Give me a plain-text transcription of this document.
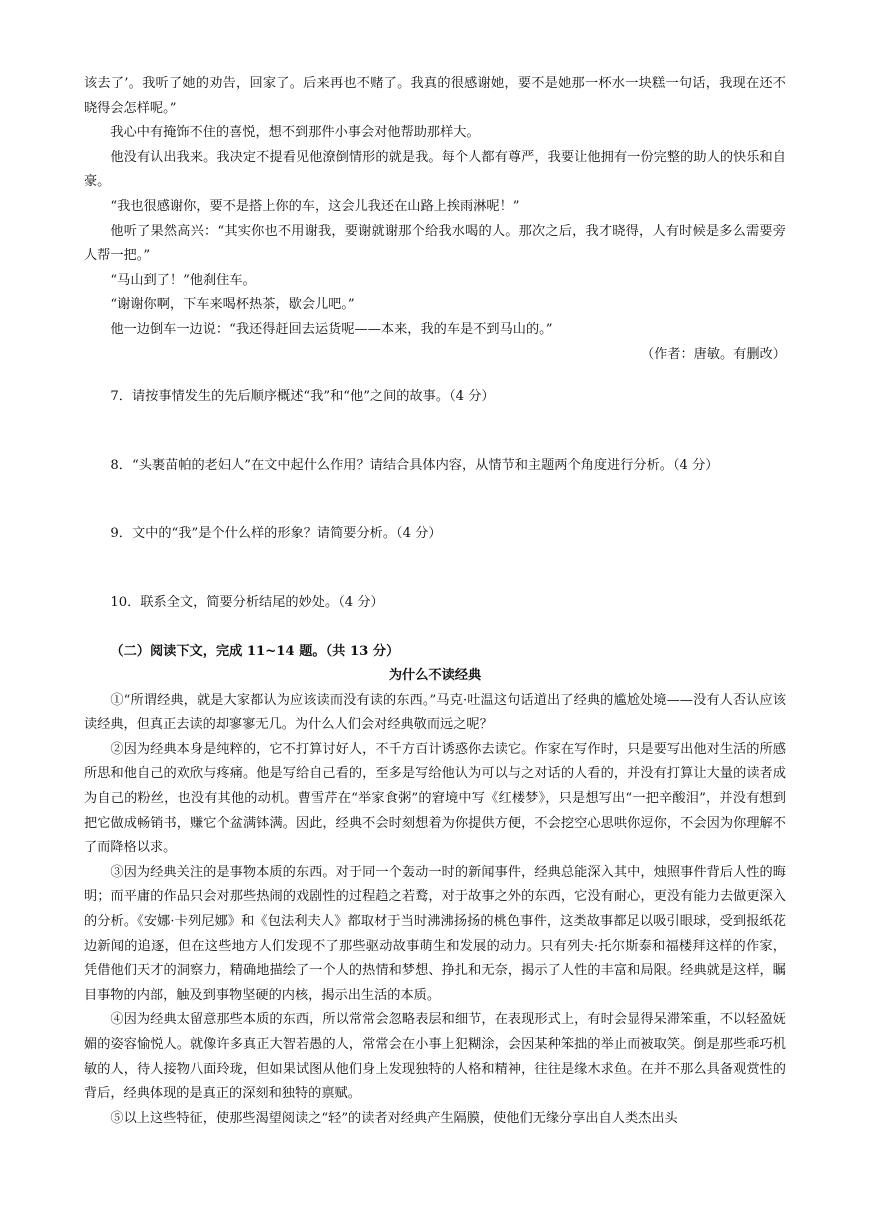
该去了’。我听了她的劝告，回家了。后来再也不赌了。我真的很感谢她，要不是她那一杯水一块糕一句话，我现在还不晓得会怎样呢。”

我心中有掩饰不住的喜悦，想不到那件小事会对他帮助那样大。

他没有认出我来。我决定不提看见他潦倒情形的就是我。每个人都有尊严，我要让他拥有一份完整的助人的快乐和自豪。

“我也很感谢你，要不是搭上你的车，这会儿我还在山路上挨雨淋呢！”

他听了果然高兴：“其实你也不用谢我，要谢就谢那个给我水喝的人。那次之后，我才晓得，人有时候是多么需要旁人帮一把。”

“马山到了！”他刹住车。

“谢谢你啊，下车来喝杯热茶，歇会儿吧。”

他一边倒车一边说：“我还得赶回去运货呢——本来，我的车是不到马山的。”

（作者：唐敏。有删改）

7．请按事情发生的先后顺序概述“我”和“他”之间的故事。（4 分）

8．“头裹苗帕的老妇人”在文中起什么作用？请结合具体内容，从情节和主题两个角度进行分析。（4 分）

9．文中的“我”是个什么样的形象？请简要分析。（4 分）

10．联系全文，简要分析结尾的妙处。（4 分）

（二）阅读下文，完成 11~14 题。（共 13 分）

为什么不读经典

①“所谓经典，就是大家都认为应该读而没有读的东西。”马克·吐温这句话道出了经典的尴尬处境——没有人否认应该读经典，但真正去读的却寥寥无几。为什么人们会对经典敬而远之呢？

②因为经典本身是纯粹的，它不打算讨好人，不千方百计诱惑你去读它。作家在写作时，只是要写出他对生活的所感所思和他自己的欢欣与疼痛。他是写给自己看的，至多是写给他认为可以与之对话的人看的，并没有打算让大量的读者成为自己的粉丝，也没有其他的动机。曹雪芹在“举家食粥”的窘境中写《红楼梦》，只是想写出“一把辛酸泪”，并没有想到把它做成畅销书，赚它个盆满钵满。因此，经典不会时刻想着为你提供方便，不会挖空心思哄你逗你，不会因为你理解不了而降格以求。

③因为经典关注的是事物本质的东西。对于同一个轰动一时的新闻事件，经典总能深入其中，烛照事件背后人性的晦明；而平庸的作品只会对那些热闹的戏剧性的过程趋之若鹜，对于故事之外的东西，它没有耐心，更没有能力去做更深入的分析。《安娜·卡列尼娜》和《包法利夫人》都取材于当时沸沸扬扬的桃色事件，这类故事都足以吸引眼球，受到报纸花边新闻的追逐，但在这些地方人们发现不了那些驱动故事萌生和发展的动力。只有列夫·托尔斯泰和福楼拜这样的作家，凭借他们天才的洞察力，精确地描绘了一个人的热情和梦想、挣扎和无奈，揭示了人性的丰富和局限。经典就是这样，瞩目事物的内部，触及到事物坚硬的内核，揭示出生活的本质。

④因为经典太留意那些本质的东西，所以常常会忽略表层和细节，在表现形式上，有时会显得呆滞笨重，不以轻盈妩媚的姿容愉悦人。就像许多真正大智若愚的人，常常会在小事上犯糊涂，会因某种笨拙的举止而被取笑。倒是那些乖巧机敏的人，待人接物八面玲珑，但如果试图从他们身上发现独特的人格和精神，往往是缘木求鱼。在并不那么具备观赏性的背后，经典体现的是真正的深刻和独特的禀赋。

⑤以上这些特征，使那些渴望阅读之“轻”的读者对经典产生隔膜，使他们无缘分享出自人类杰出头
